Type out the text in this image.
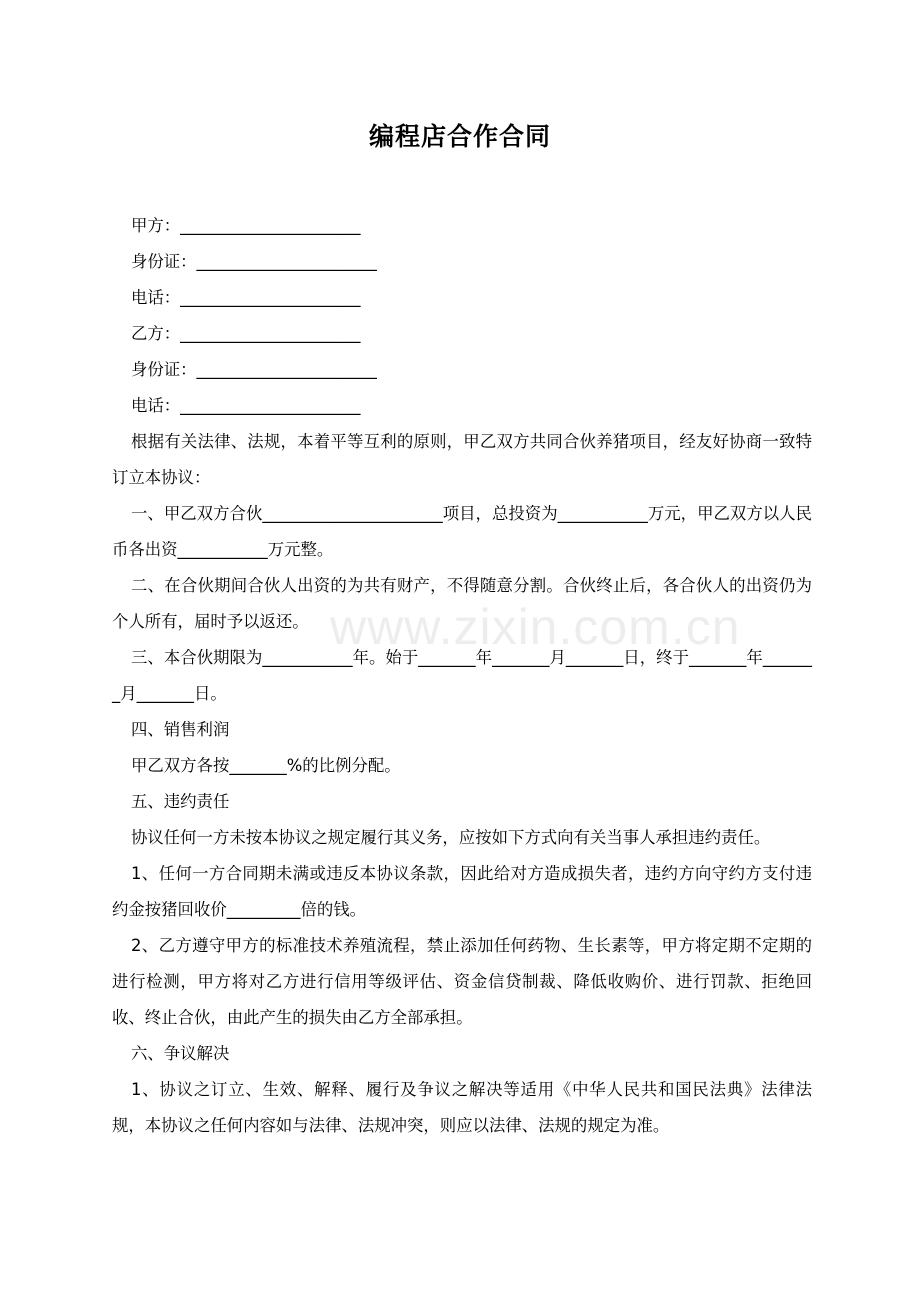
www.zixin.com.cn
编程店合作合同

甲方：______________________

身份证：______________________

电话：______________________

乙方：______________________

身份证：______________________

电话：______________________

根据有关法律、法规，本着平等互利的原则，甲乙双方共同合伙养猪项目，经友好协商一致特订立本协议：

一、甲乙双方合伙______________________项目，总投资为___________万元，甲乙双方以人民币各出资___________万元整。

二、在合伙期间合伙人出资的为共有财产，不得随意分割。合伙终止后，各合伙人的出资仍为个人所有，届时予以返还。

三、本合伙期限为___________年。始于_______年_______月_______日，终于_______年_______月_______日。

四、销售利润

甲乙双方各按_______%的比例分配。

五、违约责任

协议任何一方未按本协议之规定履行其义务，应按如下方式向有关当事人承担违约责任。

1、任何一方合同期未满或违反本协议条款，因此给对方造成损失者，违约方向守约方支付违约金按猪回收价_________倍的钱。

2、乙方遵守甲方的标准技术养殖流程，禁止添加任何药物、生长素等，甲方将定期不定期的进行检测，甲方将对乙方进行信用等级评估、资金信贷制裁、降低收购价、进行罚款、拒绝回收、终止合伙，由此产生的损失由乙方全部承担。

六、争议解决

1、协议之订立、生效、解释、履行及争议之解决等适用《中华人民共和国民法典》法律法规，本协议之任何内容如与法律、法规冲突，则应以法律、法规的规定为准。
